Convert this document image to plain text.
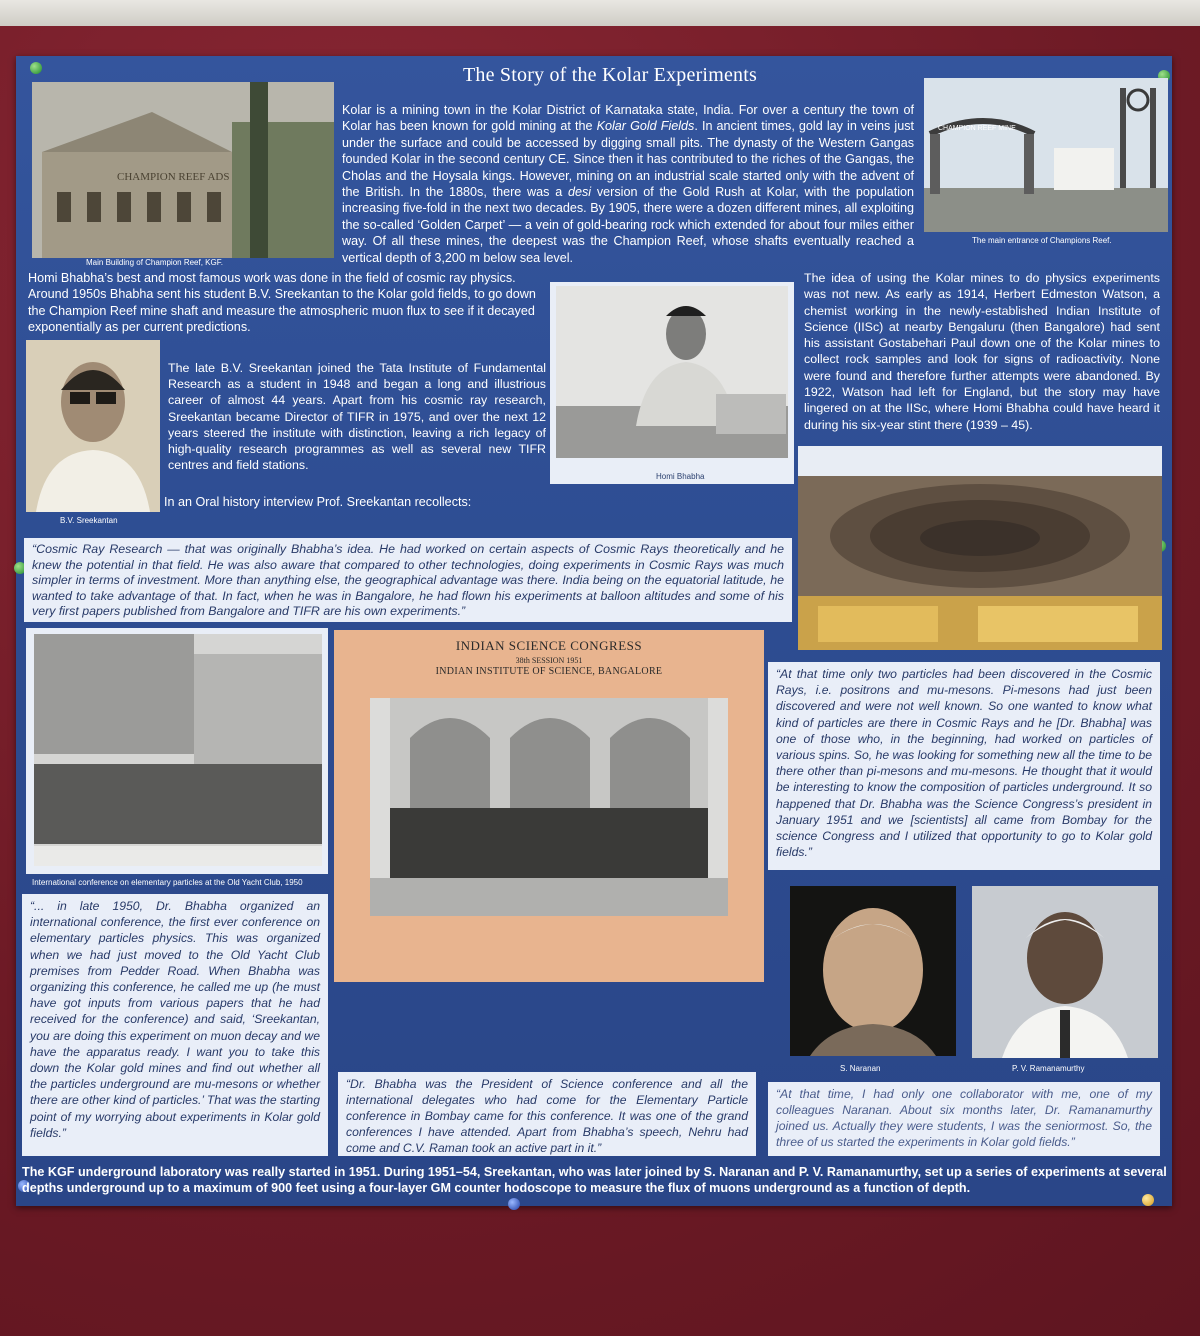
The Story of the Kolar Experiments
CHAMPION REEF ADS
Main Building of Champion Reef, KGF.
Kolar is a mining town in the Kolar District of Karnataka state, India. For over a century the town of Kolar has been known for gold mining at the Kolar Gold Fields. In ancient times, gold lay in veins just under the surface and could be accessed by digging small pits. The dynasty of the Western Gangas founded Kolar in the second century CE. Since then it has contributed to the riches of the Gangas, the Cholas and the Hoysala kings. However, mining on an industrial scale started only with the advent of the British. In the 1880s, there was a desi version of the Gold Rush at Kolar, with the population increasing five-fold in the next two decades. By 1905, there were a dozen different mines, all exploiting the so-called ‘Golden Carpet’ — a vein of gold-bearing rock which extended for about four miles either way. Of all these mines, the deepest was the Champion Reef, whose shafts eventually reached a vertical depth of 3,200 m below sea level.
CHAMPION REEF MINE
The main entrance of Champions Reef.
Homi Bhabha’s best and most famous work was done in the field of cosmic ray physics. Around 1950s Bhabha sent his student B.V. Sreekantan to the Kolar gold fields, to go down the Champion Reef mine shaft and measure the atmospheric muon flux to see if it decayed exponentially as per current predictions.
B.V. Sreekantan
The late B.V. Sreekantan joined the Tata Institute of Fundamental Research as a student in 1948 and began a long and illustrious career of almost 44 years. Apart from his cosmic ray research, Sreekantan became Director of TIFR in 1975, and over the next 12 years steered the institute with distinction, leaving a rich legacy of high-quality research programmes as well as several new TIFR centres and field stations.
In an Oral history interview Prof. Sreekantan recollects:
Homi Bhabha
The idea of using the Kolar mines to do physics experiments was not new. As early as 1914, Herbert Edmeston Watson, a chemist working in the newly-established Indian Institute of Science (IISc) at nearby Bengaluru (then Bangalore) had sent his assistant Gostabehari Paul down one of the Kolar mines to collect rock samples and look for signs of radioactivity. None were found and therefore further attempts were abandoned. By 1922, Watson had left for England, but the story may have lingered on at the IISc, where Homi Bhabha could have heard it during his six-year stint there (1939 – 45).
“Cosmic Ray Research — that was originally Bhabha’s idea. He had worked on certain aspects of Cosmic Rays theoretically and he knew the potential in that field. He was also aware that compared to other technologies, doing experiments in Cosmic Rays was much simpler in terms of investment. More than anything else, the geographical advantage was there. India being on the equatorial latitude, he wanted to take advantage of that. In fact, when he was in Bangalore, he had flown his experiments at balloon altitudes and some of his very first papers published from Bangalore and TIFR are his own experiments.”
International conference on elementary particles at the Old Yacht Club, 1950
INDIAN SCIENCE CONGRESS
38th SESSION 1951
INDIAN INSTITUTE OF SCIENCE, BANGALORE	“At that time only two particles had been discovered in the Cosmic Rays, i.e. positrons and mu-mesons. Pi-mesons had just been discovered and were not well known. So one wanted to know what kind of particles are there in Cosmic Rays and he [Dr. Bhabha] was one of those who, in the beginning, had worked on particles of various spins. So, he was looking for something new all the time to be there other than pi-mesons and mu-mesons. He thought that it would be interesting to know the composition of particles underground. It so happened that Dr. Bhabha was the Science Congress’s president in January 1951 and we [scientists] all came from Bombay for the science Congress and I utilized that opportunity to go to Kolar gold fields.”
S. Naranan	P. V. Ramanamurthy
“... in late 1950, Dr. Bhabha organized an international conference, the first ever conference on elementary particles physics. This was organized when we had just moved to the Old Yacht Club premises from Pedder Road. When Bhabha was organizing this conference, he called me up (he must have got inputs from various papers that he had received for the conference) and said, ‘Sreekantan, you are doing this experiment on muon decay and we have the apparatus ready. I want you to take this down the Kolar gold mines and find out whether all the particles underground are mu-mesons or whether there are other kind of particles.’ That was the starting point of my worrying about experiments in Kolar gold fields.”
“Dr. Bhabha was the President of Science conference and all the international delegates who had come for the Elementary Particle conference in Bombay came for this conference. It was one of the grand conferences I have attended. Apart from Bhabha’s speech, Nehru had come and C.V. Raman took an active part in it.”
“At that time, I had only one collaborator with me, one of my colleagues Naranan. About six months later, Dr. Ramanamurthy joined us. Actually they were students, I was the seniormost. So, the three of us started the experiments in Kolar gold fields.”
The KGF underground laboratory was really started in 1951. During 1951–54, Sreekantan, who was later joined by S. Naranan and P. V. Ramanamurthy, set up a series of experiments at several depths underground up to a maximum of 900 feet using a four-layer GM counter hodoscope to measure the flux of muons underground as a function of depth.
